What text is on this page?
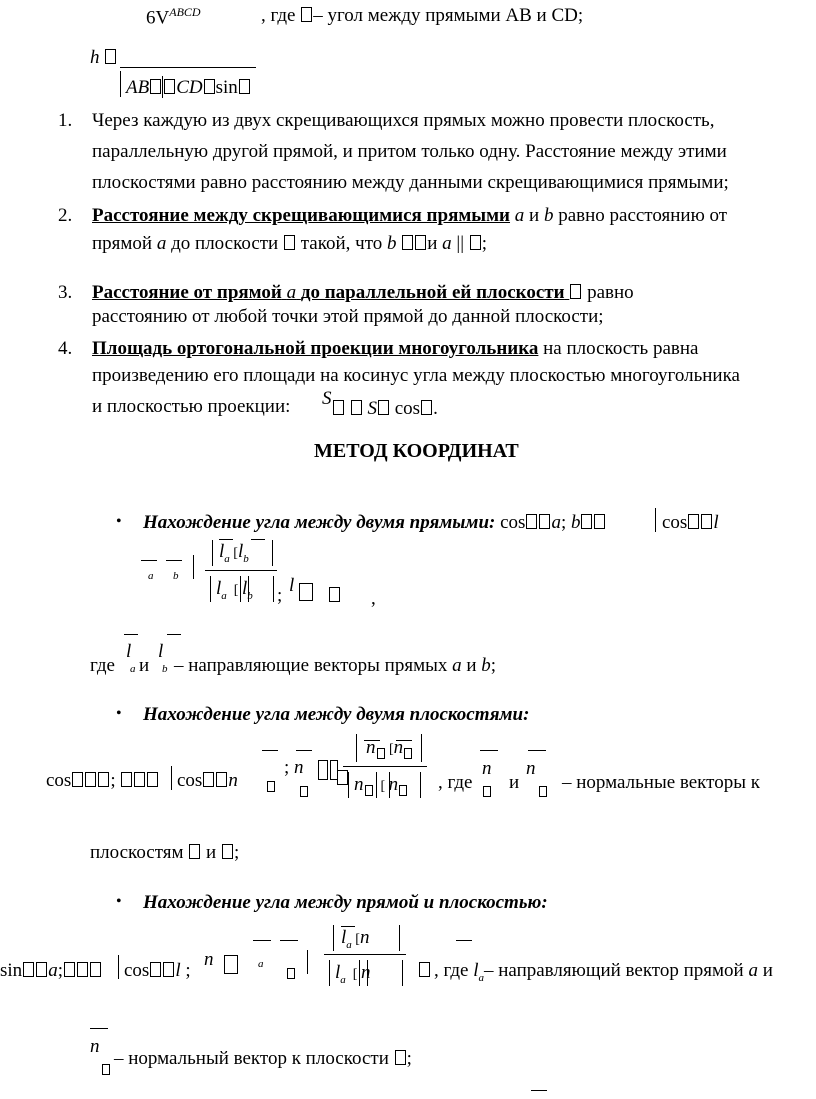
$6V^{ABCD}$	, где – угол между прямыми AB и CD;
h
AB CD sin
1. Через каждую из двух скрещивающихся прямых можно провести плоскость,
параллельную другой прямой, и притом только одну. Расстояние между этими
плоскостями равно расстоянию между данными скрещивающимися прямыми;
2. Расстояние между скрещивающимися прямыми a и b равно расстоянию от
прямой a до плоскости такой, что b и a || ;
3. Расстояние от прямой a до параллельной ей плоскости равно
расстоянию от любой точки этой прямой до данной плоскости;
4. Площадь ортогональной проекции многоугольника на плоскость равна
произведению его площади на косинус угла между плоскостью многоугольника
и плоскостью проекции: S	S cos .
МЕТОД КООРДИНАТ
• Нахождение угла между двумя прямыми: cos a; b	cos l
a b
$l_a$ [$l_b$
$l_a$  [ $l_b$ ; l
,
где
l
a и
l
b – направляющие векторы прямых a и b;
• Нахождение угла между двумя плоскостями:
cos ;	cos n
; n
n [n
n  [ n	, где
n
и
n
– нормальные векторы к
плоскостям и ;
• Нахождение угла между прямой и плоскостью:
sin a;	cos l ;
n	a
$l_a$ [n
$l_a$  [ n	, где $l_a-$ направляющий вектор прямой a и
n
– нормальный вектор к плоскости ;
